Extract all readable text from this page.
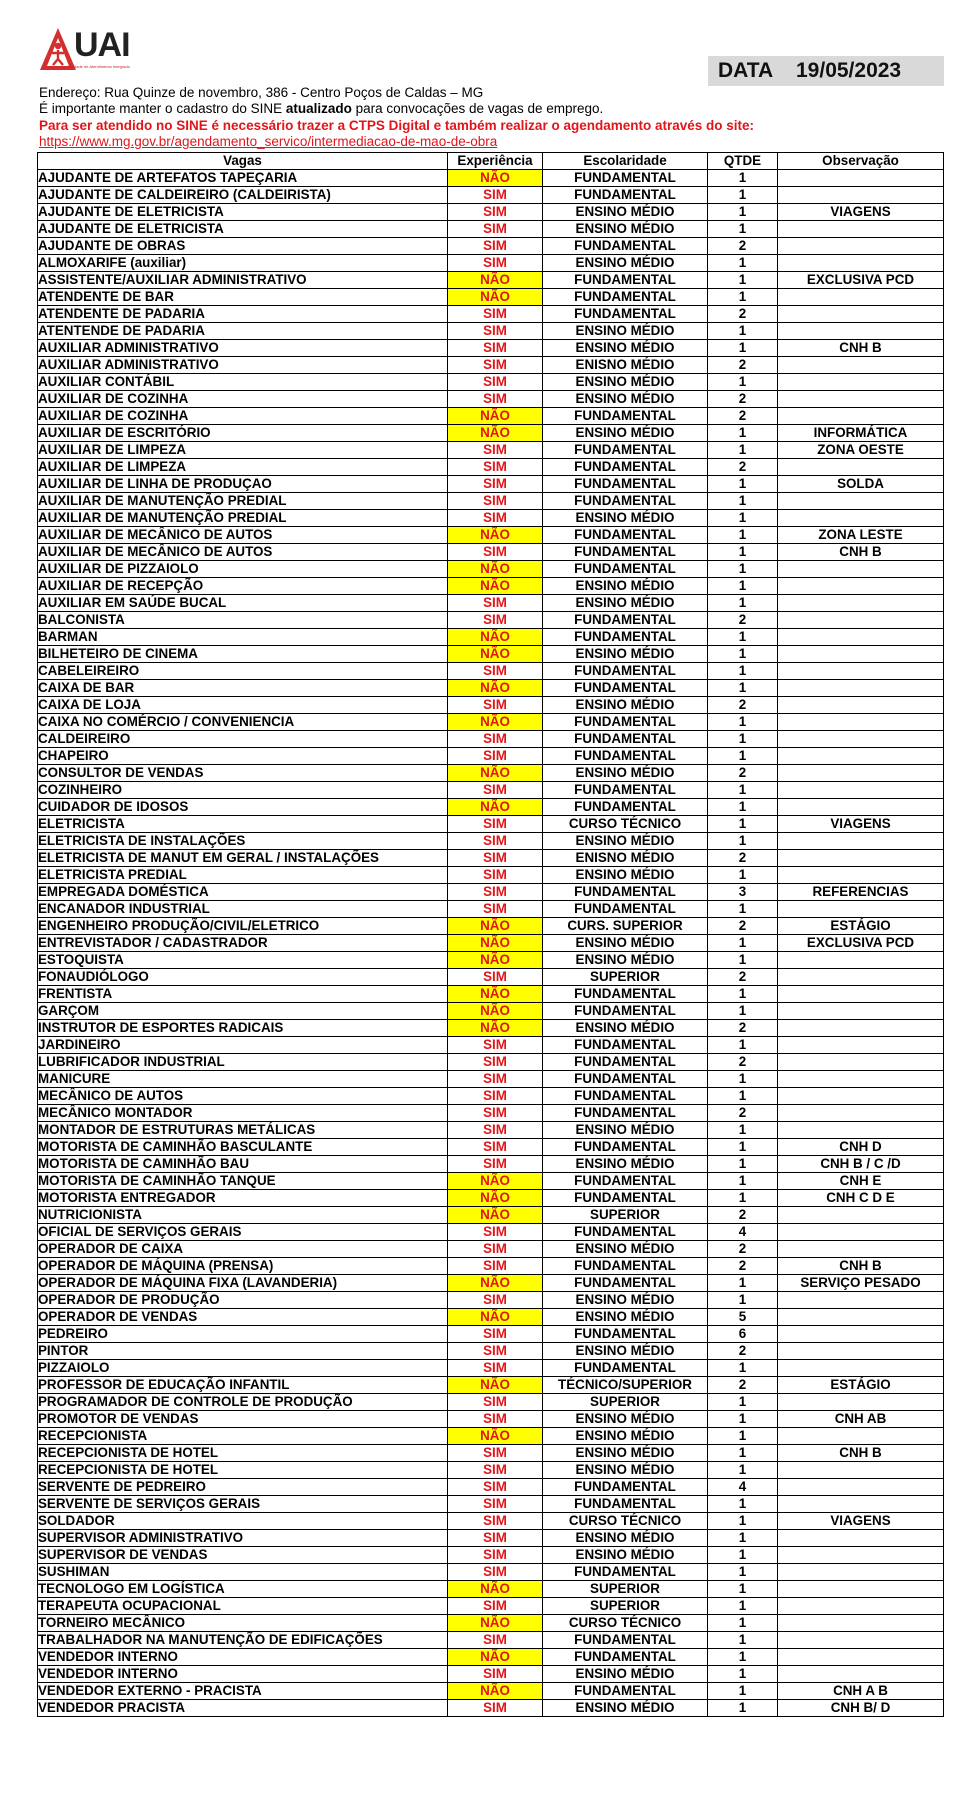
UAI
Unidade de Atendimento Integrado	DATA 19/05/2023
Endereço: Rua Quinze de novembro, 386 - Centro Poços de Caldas – MG
É importante manter o cadastro do SINE atualizado para convocações de vagas de emprego.
Para ser atendido no SINE é necessário trazer a CTPS Digital e também realizar o agendamento através do site:
https://www.mg.gov.br/agendamento_servico/intermediacao-de-mao-de-obra
Vagas	Experiência	Escolaridade	QTDE	Observação
AJUDANTE DE ARTEFATOS TAPEÇARIA	NÃO	FUNDAMENTAL	1	
AJUDANTE DE CALDEIREIRO (CALDEIRISTA)	SIM	FUNDAMENTAL	1	
AJUDANTE DE ELETRICISTA	SIM	ENSINO MÉDIO	1	VIAGENS
AJUDANTE DE ELETRICISTA	SIM	ENSINO MÉDIO	1	
AJUDANTE DE OBRAS	SIM	FUNDAMENTAL	2	
ALMOXARIFE (auxiliar)	SIM	ENSINO MÉDIO	1	
ASSISTENTE/AUXILIAR ADMINISTRATIVO	NÃO	FUNDAMENTAL	1	EXCLUSIVA PCD
ATENDENTE DE BAR	NÃO	FUNDAMENTAL	1	
ATENDENTE DE PADARIA	SIM	FUNDAMENTAL	2	
ATENTENDE DE PADARIA	SIM	ENSINO MÉDIO	1	
AUXILIAR ADMINISTRATIVO	SIM	ENSINO MÉDIO	1	CNH B
AUXILIAR ADMINISTRATIVO	SIM	ENISNO MÉDIO	2	
AUXILIAR CONTÁBIL	SIM	ENSINO MÉDIO	1	
AUXILIAR DE COZINHA	SIM	ENSINO MÉDIO	2	
AUXILIAR DE COZINHA	NÃO	FUNDAMENTAL	2	
AUXILIAR DE ESCRITÓRIO	NÃO	ENSINO MÉDIO	1	INFORMÁTICA
AUXILIAR DE LIMPEZA	SIM	FUNDAMENTAL	1	ZONA OESTE
AUXILIAR DE LIMPEZA	SIM	FUNDAMENTAL	2	
AUXILIAR DE LINHA DE PRODUÇAO	SIM	FUNDAMENTAL	1	SOLDA
AUXILIAR DE MANUTENÇÃO PREDIAL	SIM	FUNDAMENTAL	1	
AUXILIAR DE MANUTENÇÃO PREDIAL	SIM	ENSINO MÉDIO	1	
AUXILIAR DE MECÂNICO DE AUTOS	NÃO	FUNDAMENTAL	1	ZONA LESTE
AUXILIAR DE MECÂNICO DE AUTOS	SIM	FUNDAMENTAL	1	CNH B
AUXILIAR DE PIZZAIOLO	NÃO	FUNDAMENTAL	1	
AUXILIAR DE RECEPÇÃO	NÃO	ENSINO MÉDIO	1	
AUXILIAR EM SAÚDE BUCAL	SIM	ENSINO MÉDIO	1	
BALCONISTA	SIM	FUNDAMENTAL	2	
BARMAN	NÃO	FUNDAMENTAL	1	
BILHETEIRO DE CINEMA	NÃO	ENSINO MÉDIO	1	
CABELEIREIRO	SIM	FUNDAMENTAL	1	
CAIXA DE BAR	NÃO	FUNDAMENTAL	1	
CAIXA DE LOJA	SIM	ENSINO MÉDIO	2	
CAIXA NO COMÉRCIO / CONVENIENCIA	NÃO	FUNDAMENTAL	1	
CALDEIREIRO	SIM	FUNDAMENTAL	1	
CHAPEIRO	SIM	FUNDAMENTAL	1	
CONSULTOR DE VENDAS	NÃO	ENSINO MÉDIO	2	
COZINHEIRO	SIM	FUNDAMENTAL	1	
CUIDADOR DE IDOSOS	NÃO	FUNDAMENTAL	1	
ELETRICISTA	SIM	CURSO TÉCNICO	1	VIAGENS
ELETRICISTA DE INSTALAÇÕES	SIM	ENSINO MÉDIO	1	
ELETRICISTA DE MANUT EM GERAL / INSTALAÇÕES	SIM	ENISNO MÉDIO	2	
ELETRICISTA PREDIAL	SIM	ENSINO MÉDIO	1	
EMPREGADA DOMÉSTICA	SIM	FUNDAMENTAL	3	REFERENCIAS
ENCANADOR INDUSTRIAL	SIM	FUNDAMENTAL	1	
ENGENHEIRO PRODUÇÃO/CIVIL/ELETRICO	NÃO	CURS. SUPERIOR	2	ESTÁGIO
ENTREVISTADOR / CADASTRADOR	NÃO	ENSINO MÉDIO	1	EXCLUSIVA PCD
ESTOQUISTA	NÃO	ENSINO MÉDIO	1	
FONAUDIÓLOGO	SIM	SUPERIOR	2	
FRENTISTA	NÃO	FUNDAMENTAL	1	
GARÇOM	NÃO	FUNDAMENTAL	1	
INSTRUTOR DE ESPORTES RADICAIS	NÃO	ENSINO MÉDIO	2	
JARDINEIRO	SIM	FUNDAMENTAL	1	
LUBRIFICADOR INDUSTRIAL	SIM	FUNDAMENTAL	2	
MANICURE	SIM	FUNDAMENTAL	1	
MECÂNICO DE AUTOS	SIM	FUNDAMENTAL	1	
MECÂNICO MONTADOR	SIM	FUNDAMENTAL	2	
MONTADOR DE ESTRUTURAS METÁLICAS	SIM	ENSINO MÉDIO	1	
MOTORISTA DE CAMINHÃO BASCULANTE	SIM	FUNDAMENTAL	1	CNH D
MOTORISTA DE CAMINHÃO BAU	SIM	ENSINO MÉDIO	1	CNH B / C /D
MOTORISTA DE CAMINHÃO TANQUE	NÃO	FUNDAMENTAL	1	CNH E
MOTORISTA ENTREGADOR	NÃO	FUNDAMENTAL	1	CNH C D E
NUTRICIONISTA	NÃO	SUPERIOR	2	
OFICIAL DE SERVIÇOS GERAIS	SIM	FUNDAMENTAL	4	
OPERADOR DE CAIXA	SIM	ENSINO MÉDIO	2	
OPERADOR DE MÁQUINA (PRENSA)	SIM	FUNDAMENTAL	2	CNH B
OPERADOR DE MÁQUINA FIXA (LAVANDERIA)	NÃO	FUNDAMENTAL	1	SERVIÇO PESADO
OPERADOR DE PRODUÇÃO	SIM	ENSINO MÉDIO	1	
OPERADOR DE VENDAS	NÃO	ENSINO MÉDIO	5	
PEDREIRO	SIM	FUNDAMENTAL	6	
PINTOR	SIM	ENSINO MÉDIO	2	
PIZZAIOLO	SIM	FUNDAMENTAL	1	
PROFESSOR DE EDUCAÇÃO INFANTIL	NÃO	TÉCNICO/SUPERIOR	2	ESTÁGIO
PROGRAMADOR DE CONTROLE DE PRODUÇÃO	SIM	SUPERIOR	1	
PROMOTOR DE VENDAS	SIM	ENSINO MÉDIO	1	CNH AB
RECEPCIONISTA	NÃO	ENSINO MÉDIO	1	
RECEPCIONISTA DE HOTEL	SIM	ENSINO MÉDIO	1	CNH B
RECEPCIONISTA DE HOTEL	SIM	ENSINO MÉDIO	1	
SERVENTE DE PEDREIRO	SIM	FUNDAMENTAL	4	
SERVENTE DE SERVIÇOS GERAIS	SIM	FUNDAMENTAL	1	
SOLDADOR	SIM	CURSO TÉCNICO	1	VIAGENS
SUPERVISOR ADMINISTRATIVO	SIM	ENSINO MÉDIO	1	
SUPERVISOR DE VENDAS	SIM	ENSINO MÉDIO	1	
SUSHIMAN	SIM	FUNDAMENTAL	1	
TECNOLOGO EM LOGÍSTICA	NÃO	SUPERIOR	1	
TERAPEUTA OCUPACIONAL	SIM	SUPERIOR	1	
TORNEIRO MECÂNICO	NÃO	CURSO TÉCNICO	1	
TRABALHADOR NA MANUTENÇÃO DE EDIFICAÇÕES	SIM	FUNDAMENTAL	1	
VENDEDOR INTERNO	NÃO	FUNDAMENTAL	1	
VENDEDOR INTERNO	SIM	ENSINO MÉDIO	1	
VENDEDOR EXTERNO - PRACISTA	NÃO	FUNDAMENTAL	1	CNH A B
VENDEDOR PRACISTA	SIM	ENSINO MÉDIO	1	CNH B/ D
